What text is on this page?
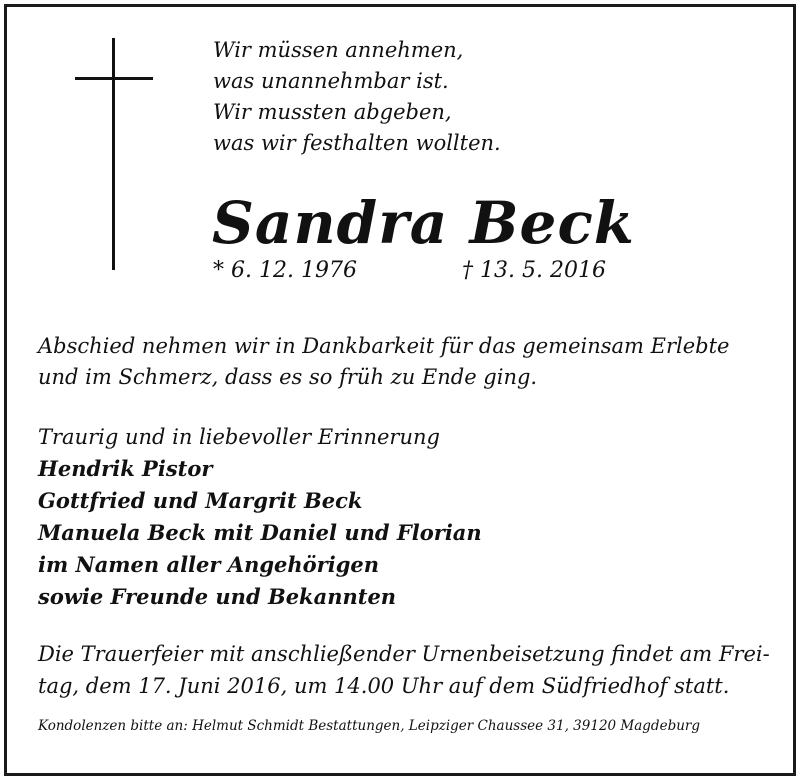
Wir müssen annehmen,
was unannehmbar ist.
Wir mussten abgeben,
was wir festhalten wollten.
Sandra Beck
* 6. 12. 1976	† 13. 5. 2016
Abschied nehmen wir in Dankbarkeit für das gemeinsam Erlebte
und im Schmerz, dass es so früh zu Ende ging.
Traurig und in liebevoller Erinnerung
Hendrik Pistor
Gottfried und Margrit Beck
Manuela Beck mit Daniel und Florian
im Namen aller Angehörigen
sowie Freunde und Bekannten
Die Trauerfeier mit anschließender Urnenbeisetzung findet am Frei-
tag, dem 17. Juni 2016, um 14.00 Uhr auf dem Südfriedhof statt.
Kondolenzen bitte an: Helmut Schmidt Bestattungen, Leipziger Chaussee 31, 39120 Magdeburg
